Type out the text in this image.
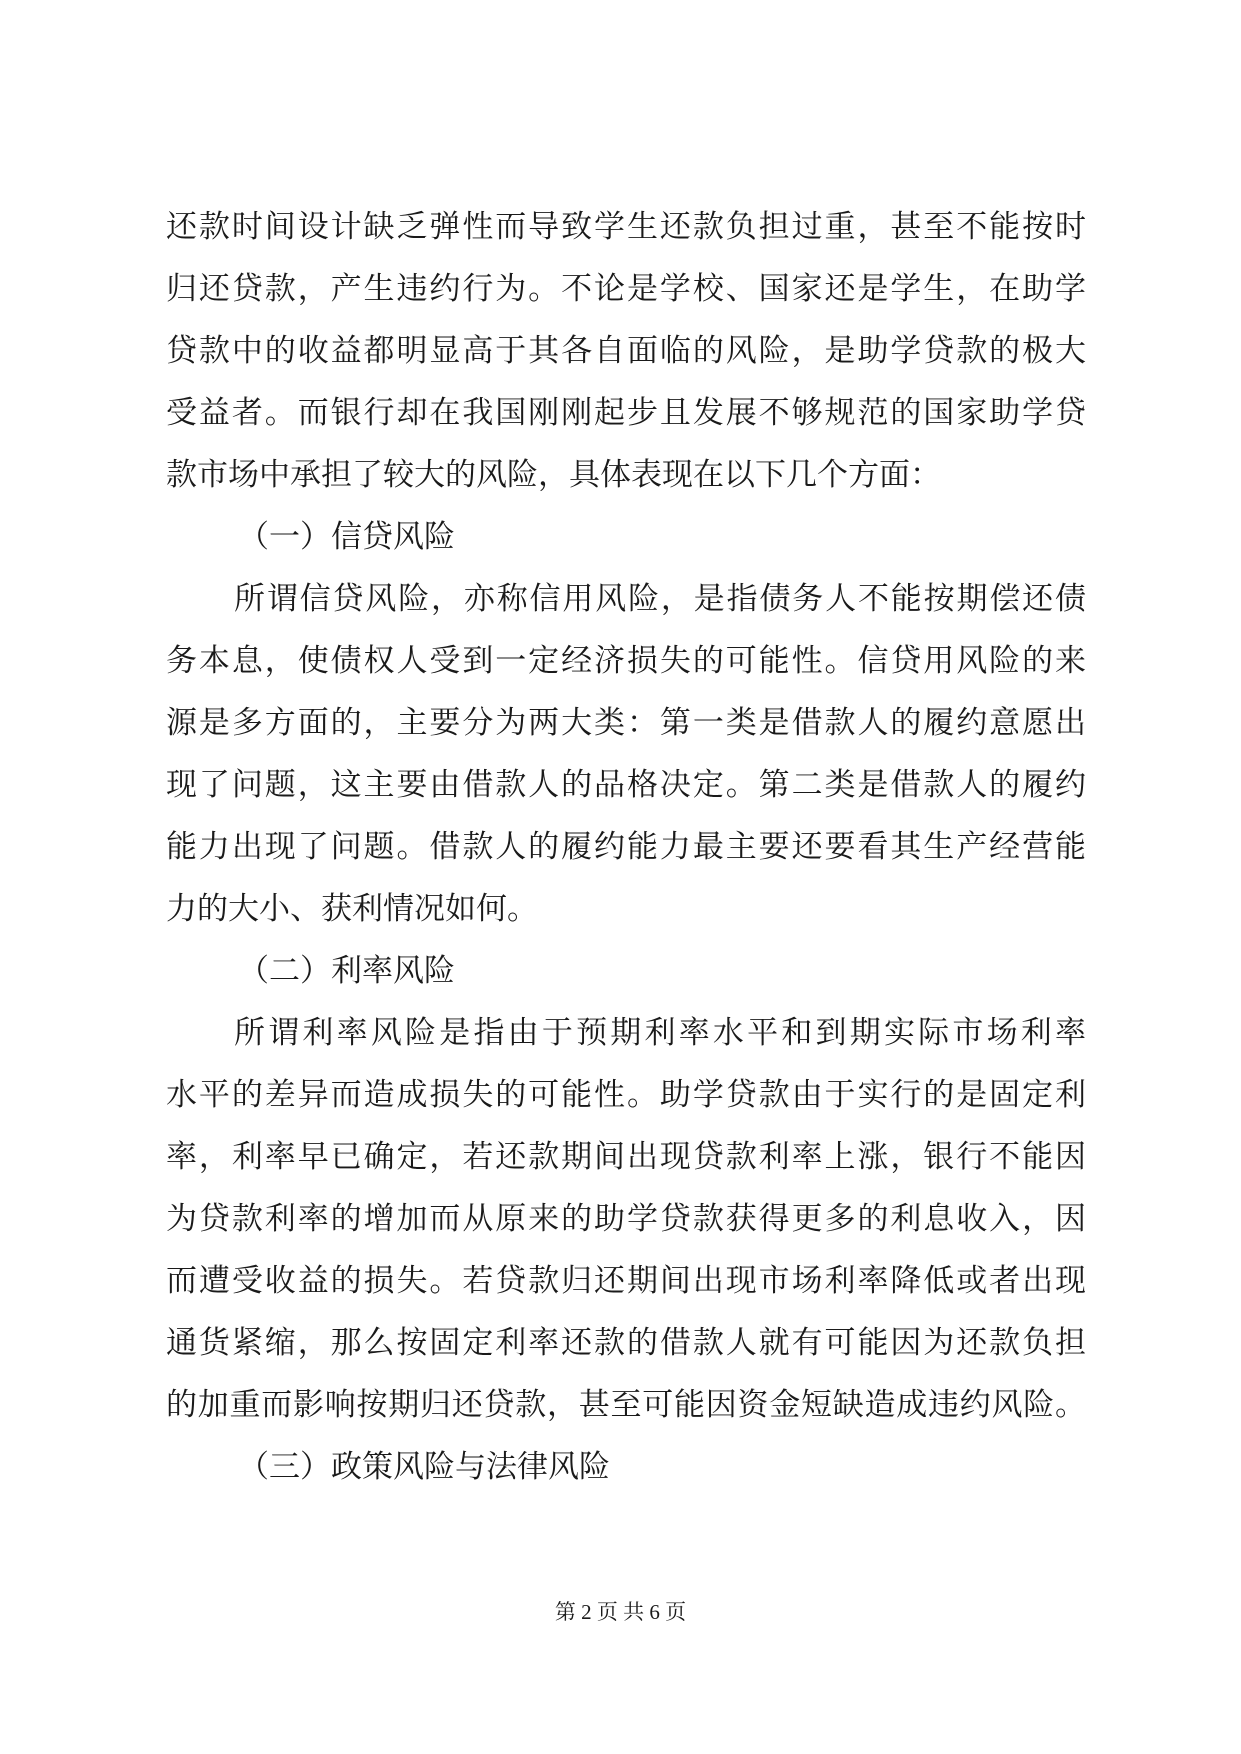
还款时间设计缺乏弹性而导致学生还款负担过重，甚至不能按时
归还贷款，产生违约行为。不论是学校、国家还是学生，在助学
贷款中的收益都明显高于其各自面临的风险，是助学贷款的极大
受益者。而银行却在我国刚刚起步且发展不够规范的国家助学贷
款市场中承担了较大的风险，具体表现在以下几个方面：
（一）信贷风险
所谓信贷风险，亦称信用风险，是指债务人不能按期偿还债
务本息，使债权人受到一定经济损失的可能性。信贷用风险的来
源是多方面的，主要分为两大类：第一类是借款人的履约意愿出
现了问题，这主要由借款人的品格决定。第二类是借款人的履约
能力出现了问题。借款人的履约能力最主要还要看其生产经营能
力的大小、获利情况如何。
（二）利率风险
所谓利率风险是指由于预期利率水平和到期实际市场利率
水平的差异而造成损失的可能性。助学贷款由于实行的是固定利
率，利率早已确定，若还款期间出现贷款利率上涨，银行不能因
为贷款利率的增加而从原来的助学贷款获得更多的利息收入，因
而遭受收益的损失。若贷款归还期间出现市场利率降低或者出现
通货紧缩，那么按固定利率还款的借款人就有可能因为还款负担
的加重而影响按期归还贷款，甚至可能因资金短缺造成违约风险。
（三）政策风险与法律风险
第 2 页 共 6 页
